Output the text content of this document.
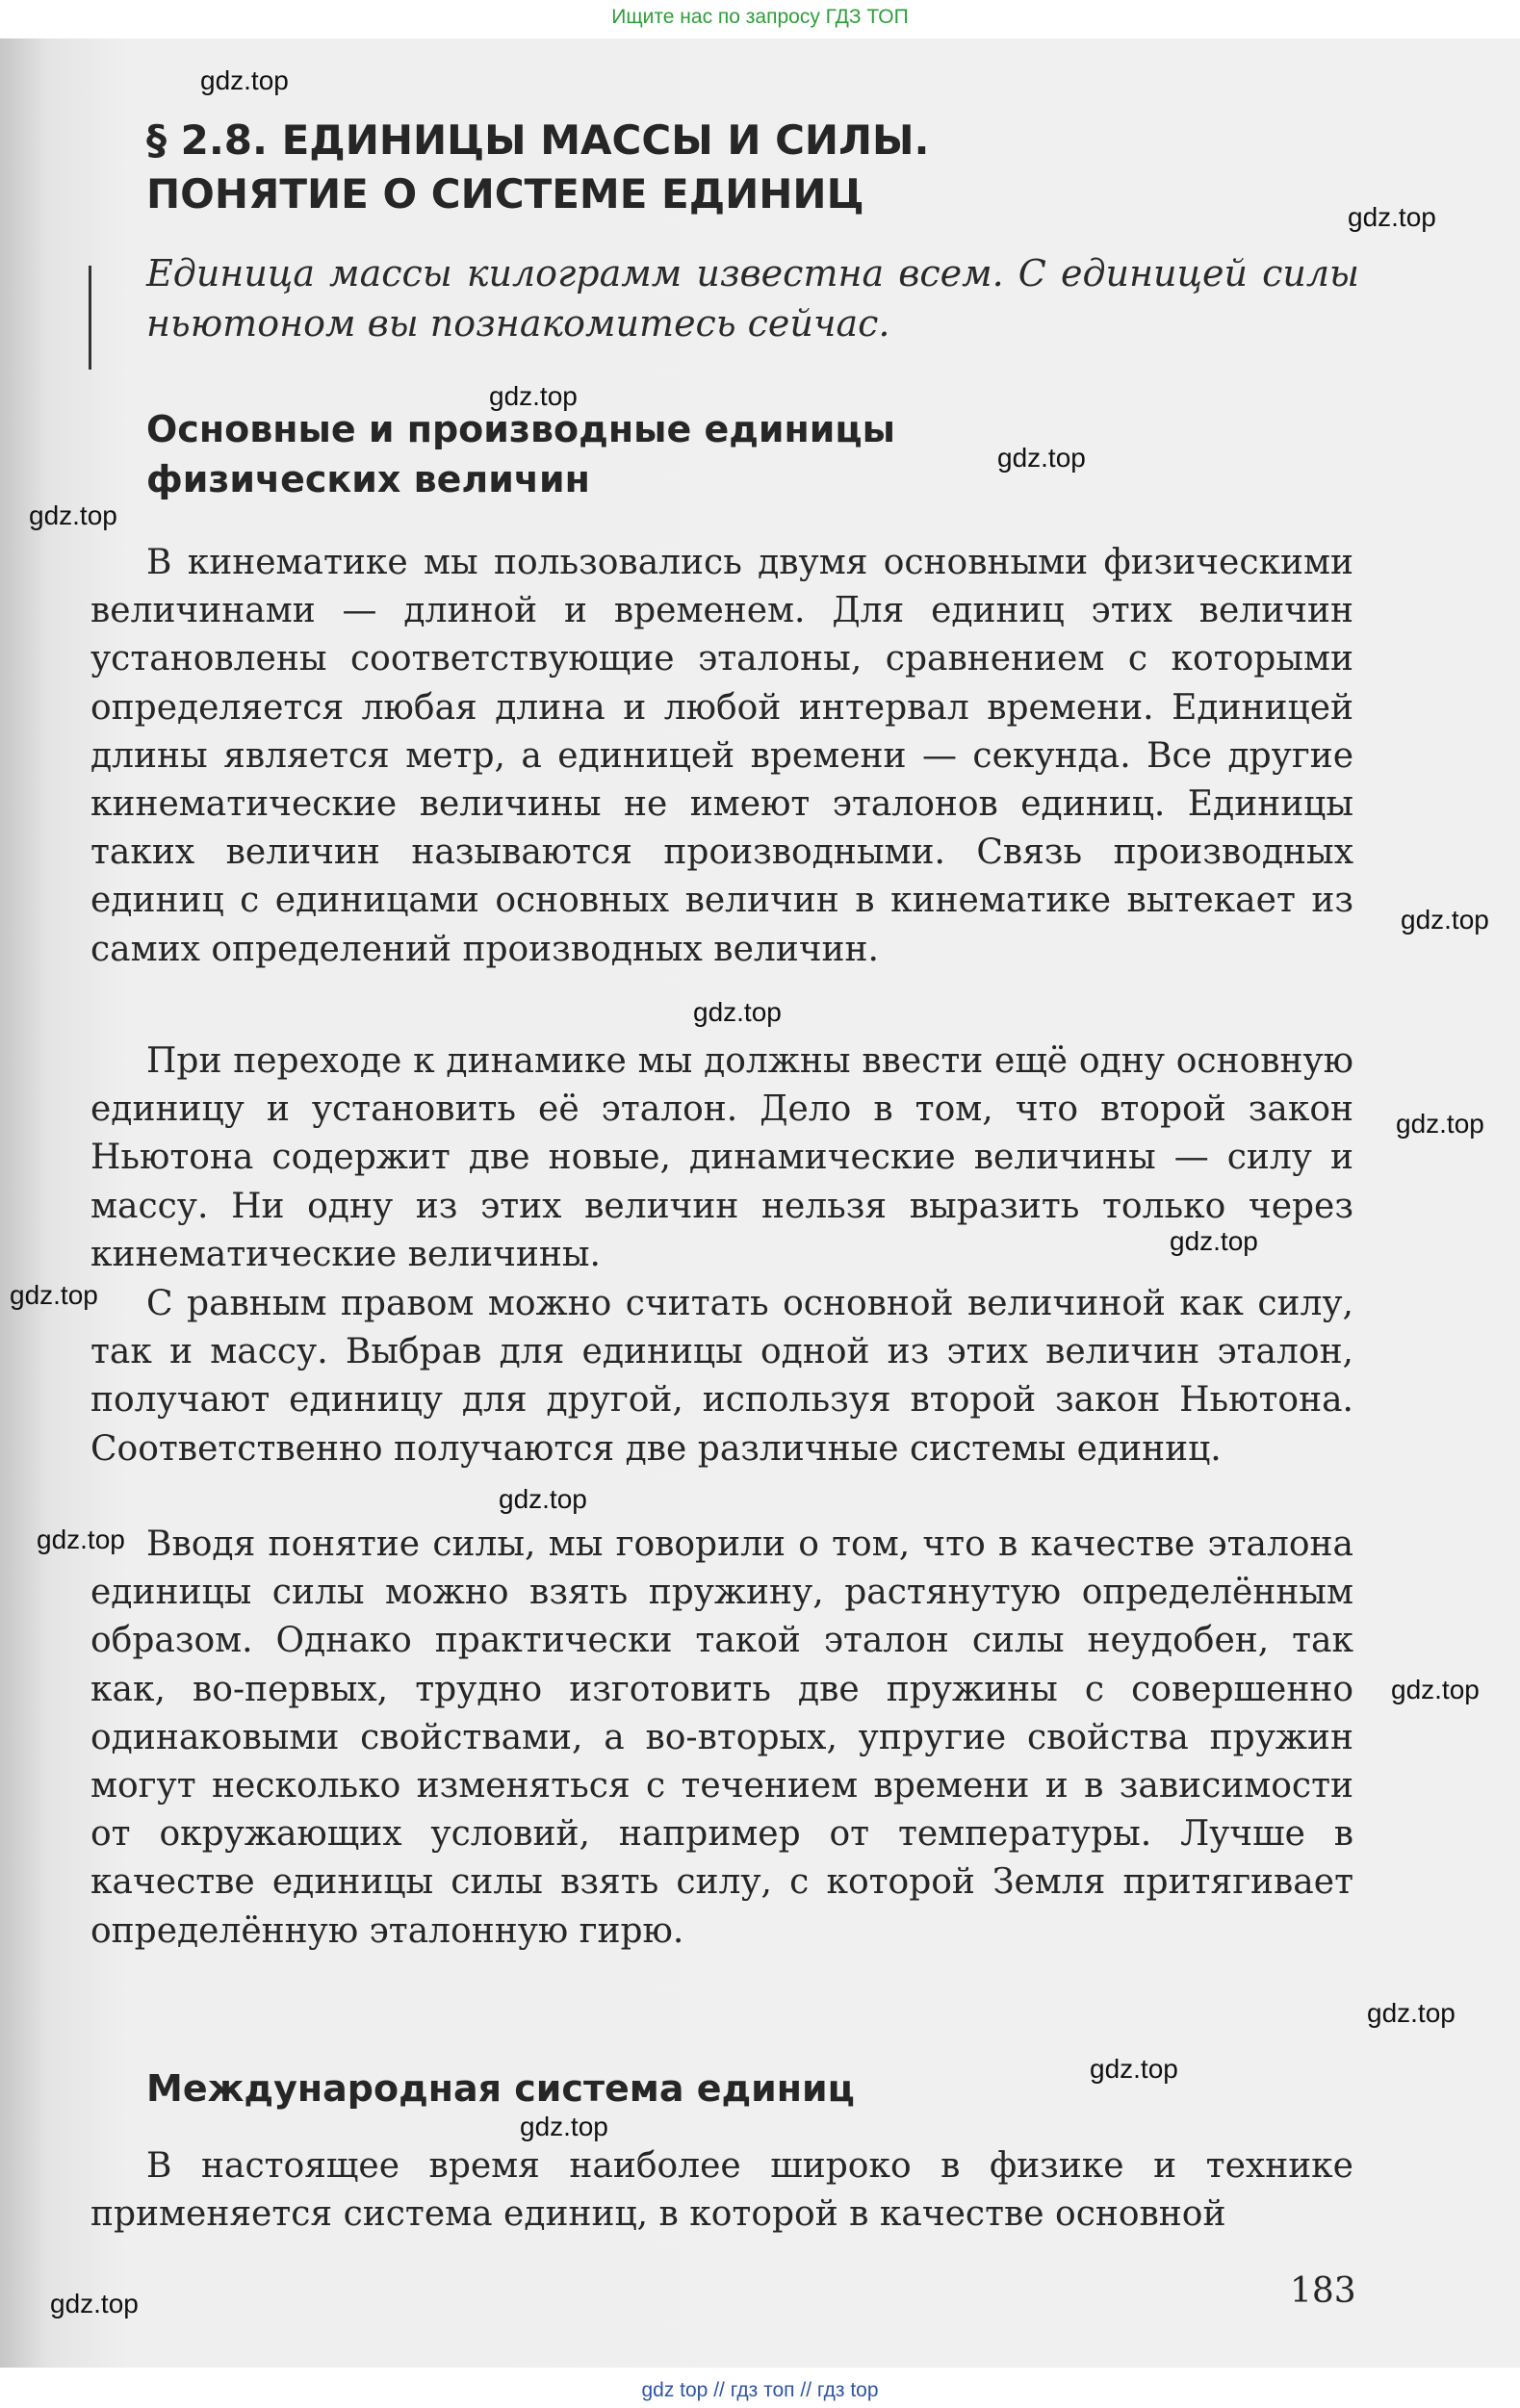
Ищите нас по запросу ГДЗ ТОП
§ 2.8. ЕДИНИЦЫ МАССЫ И СИЛЫ.
ПОНЯТИЕ О СИСТЕМЕ ЕДИНИЦ
Единица массы килограмм известна всем. С единицей силы ньютоном вы познакомитесь сейчас.
Основные и производные единицы
физических величин
В кинематике мы пользовались двумя основными физическими величинами — длиной и временем. Для единиц этих величин установлены соответствующие эталоны, сравнением с которыми определяется любая длина и любой интервал времени. Единицей длины является метр, а единицей времени — секунда. Все другие кинематические величины не имеют эталонов единиц. Единицы таких величин называются производными. Связь производных единиц с единицами основных величин в кинематике вытекает из самих определений производных величин.
При переходе к динамике мы должны ввести ещё одну основную единицу и установить её эталон. Дело в том, что второй закон Ньютона содержит две новые, динамические величины — силу и массу. Ни одну из этих величин нельзя выразить только через кинематические величины.
С равным правом можно считать основной величиной как силу, так и массу. Выбрав для единицы одной из этих величин эталон, получают единицу для другой, используя второй закон Ньютона. Соответственно получаются две различные системы единиц.
Вводя понятие силы, мы говорили о том, что в качестве эталона единицы силы можно взять пружину, растянутую определённым образом. Однако практически такой эталон силы неудобен, так как, во-первых, трудно изготовить две пружины с совершенно одинаковыми свойствами, а во-вторых, упругие свойства пружин могут несколько изменяться с течением времени и в зависимости от окружающих условий, например от температуры. Лучше в качестве единицы силы взять силу, с которой Земля притягивает определённую эталонную гирю.
Международная система единиц
В настоящее время наиболее широко в физике и технике применяется система единиц, в которой в качестве основной
183
gdz.top
gdz.top
gdz.top
gdz.top
gdz.top
gdz.top
gdz.top
gdz.top
gdz.top
gdz.top
gdz.top
gdz.top
gdz.top
gdz.top
gdz.top
gdz.top
gdz.top
gdz top // гдз топ // гдз top
